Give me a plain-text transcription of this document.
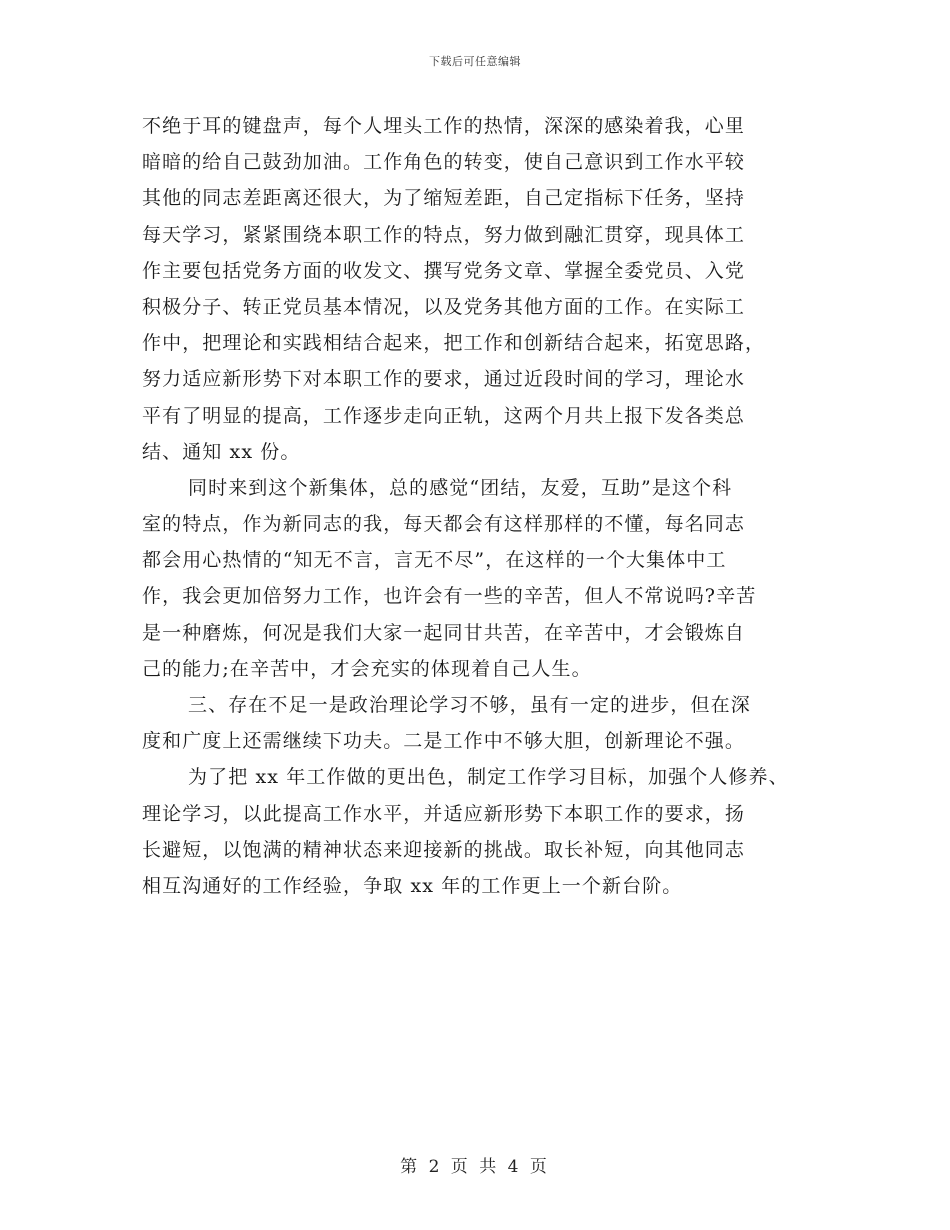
下载后可任意编辑
不绝于耳的键盘声，每个人埋头工作的热情，深深的感染着我，心里
暗暗的给自己鼓劲加油。工作角色的转变，使自己意识到工作水平较
其他的同志差距离还很大，为了缩短差距，自己定指标下任务，坚持
每天学习，紧紧围绕本职工作的特点，努力做到融汇贯穿，现具体工
作主要包括党务方面的收发文、撰写党务文章、掌握全委党员、入党
积极分子、转正党员基本情况，以及党务其他方面的工作。在实际工
作中，把理论和实践相结合起来，把工作和创新结合起来，拓宽思路，
努力适应新形势下对本职工作的要求，通过近段时间的学习，理论水
平有了明显的提高，工作逐步走向正轨，这两个月共上报下发各类总
结、通知 xx 份。
同时来到这个新集体，总的感觉“团结，友爱，互助”是这个科
室的特点，作为新同志的我，每天都会有这样那样的不懂，每名同志
都会用心热情的“知无不言，言无不尽”，在这样的一个大集体中工
作，我会更加倍努力工作，也许会有一些的辛苦，但人不常说吗?辛苦
是一种磨炼，何况是我们大家一起同甘共苦，在辛苦中，才会锻炼自
己的能力;在辛苦中，才会充实的体现着自己人生。
三、存在不足一是政治理论学习不够，虽有一定的进步，但在深
度和广度上还需继续下功夫。二是工作中不够大胆，创新理论不强。
为了把 xx 年工作做的更出色，制定工作学习目标，加强个人修养、
理论学习，以此提高工作水平，并适应新形势下本职工作的要求，扬
长避短，以饱满的精神状态来迎接新的挑战。取长补短，向其他同志
相互沟通好的工作经验，争取 xx 年的工作更上一个新台阶。
第 2 页 共 4 页
